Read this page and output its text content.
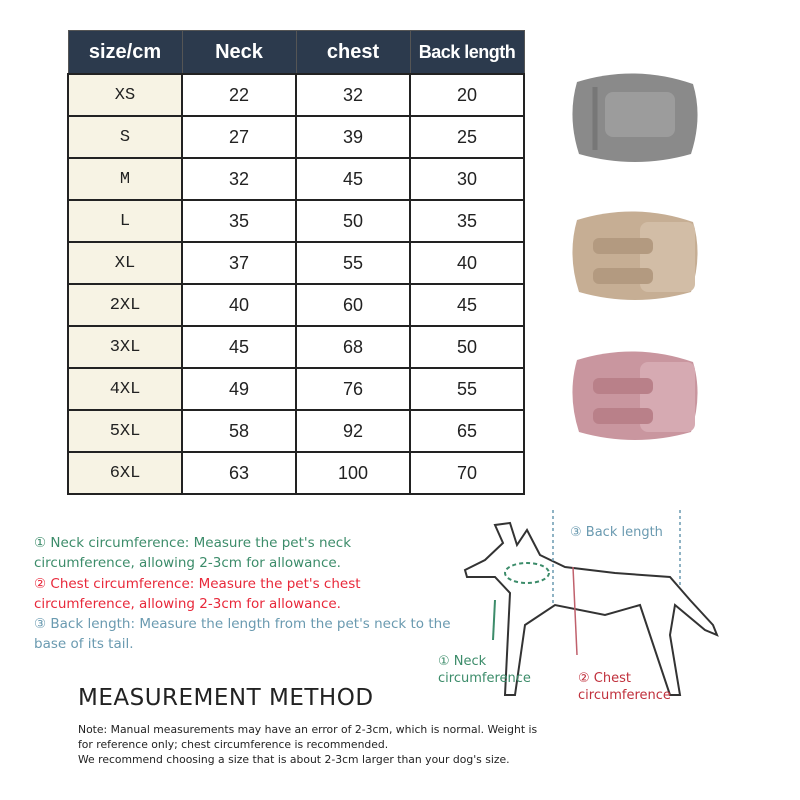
size/cm	Neck	chest	Back length
XS	22	32	20
S	27	39	25
M	32	45	30
L	35	50	35
XL	37	55	40
2XL	40	60	45
3XL	45	68	50
4XL	49	76	55
5XL	58	92	65
6XL	63	100	70
① Neck circumference: Measure the pet's neck circumference, allowing 2-3cm for allowance.
② Chest circumference: Measure the pet's chest circumference, allowing 2-3cm for allowance.
③ Back length: Measure the length from the pet's neck to the base of its tail.
③ Back length
① Neck circumference	② Chest circumference
MEASUREMENT METHOD
Note: Manual measurements may have an error of 2-3cm, which is normal. Weight is for reference only; chest circumference is recommended.
We recommend choosing a size that is about 2-3cm larger than your dog's size.
